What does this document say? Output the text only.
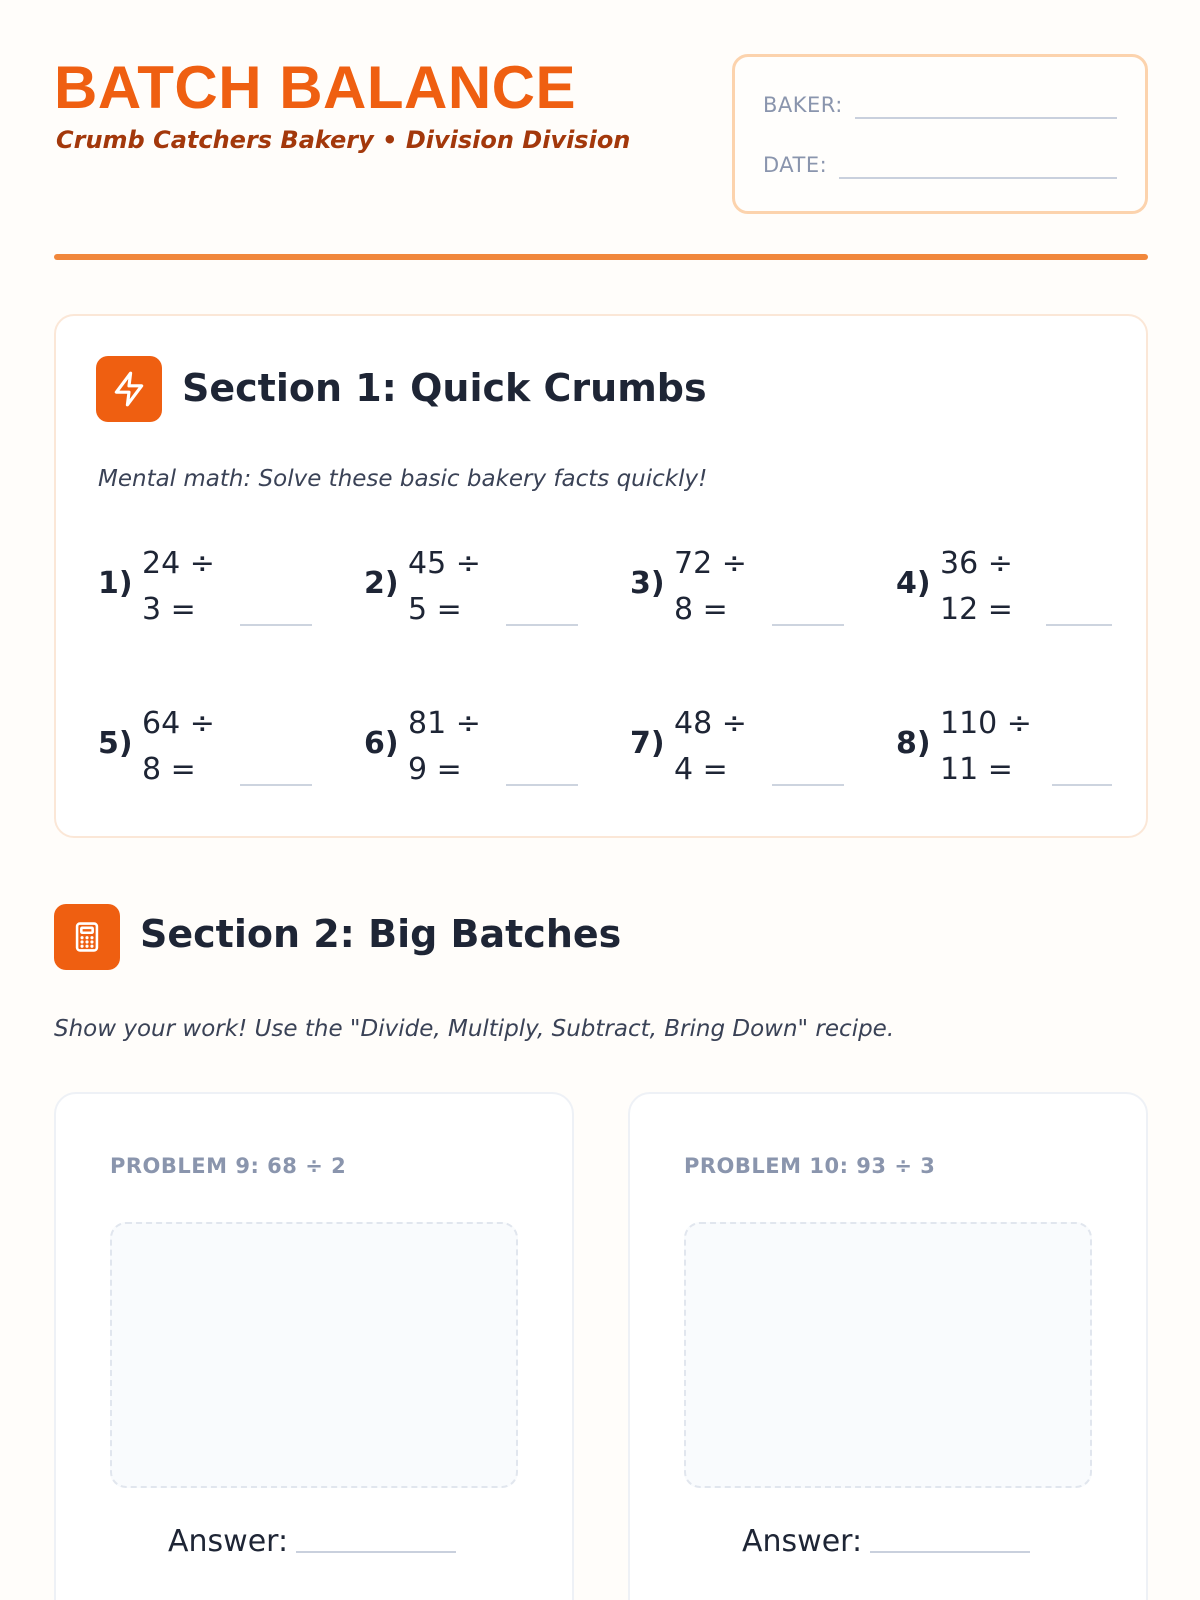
BATCH BALANCE
Crumb Catchers Bakery • Division Division
BAKER:
DATE:
Section 1: Quick Crumbs
Mental math: Solve these basic bakery facts quickly!
1)
24 ÷
3 =
2)
45 ÷
5 =
3)
72 ÷
8 =
4)
36 ÷
12 =
5)
64 ÷
8 =
6)
81 ÷
9 =
7)
48 ÷
4 =
8)
110 ÷
11 =
Section 2: Big Batches
Show your work! Use the "Divide, Multiply, Subtract, Bring Down" recipe.
PROBLEM 9: 68 ÷ 2
Answer:
PROBLEM 10: 93 ÷ 3
Answer:
